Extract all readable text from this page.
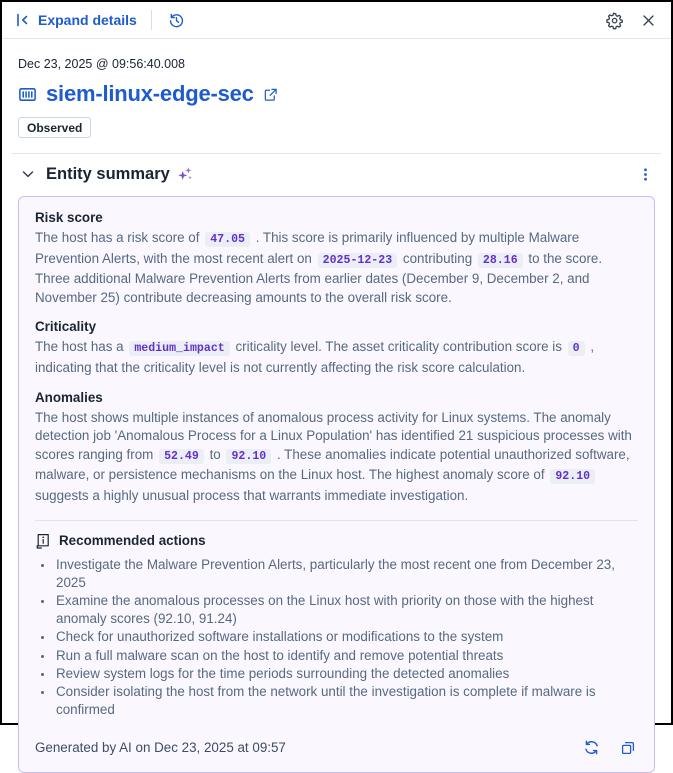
Expand details

Dec 23, 2025 @ 09:56:40.008

siem-linux-edge-sec
Observed
Entity summary
Risk score

The host has a risk score of 47.05 . This score is primarily influenced by multiple Malware Prevention Alerts, with the most recent alert on 2025-12-23 contributing 28.16 to the score. Three additional Malware Prevention Alerts from earlier dates (December 9, December 2, and November 25) contribute decreasing amounts to the overall risk score.

Criticality

The host has a medium_impact criticality level. The asset criticality contribution score is 0 , indicating that the criticality level is not currently affecting the risk score calculation.

Anomalies

The host shows multiple instances of anomalous process activity for Linux systems. The anomaly detection job 'Anomalous Process for a Linux Population' has identified 21 suspicious processes with scores ranging from 52.49 to 92.10 . These anomalies indicate potential unauthorized software, malware, or persistence mechanisms on the Linux host. The highest anomaly score of 92.10 suggests a highly unusual process that warrants immediate investigation.

Recommended actions
• Investigate the Malware Prevention Alerts, particularly the most recent one from December 23, 2025
• Examine the anomalous processes on the Linux host with priority on those with the highest anomaly scores (92.10, 91.24)
• Check for unauthorized software installations or modifications to the system
• Run a full malware scan on the host to identify and remove potential threats
• Review system logs for the time periods surrounding the detected anomalies
• Consider isolating the host from the network until the investigation is complete if malware is confirmed
Generated by AI on Dec 23, 2025 at 09:57
